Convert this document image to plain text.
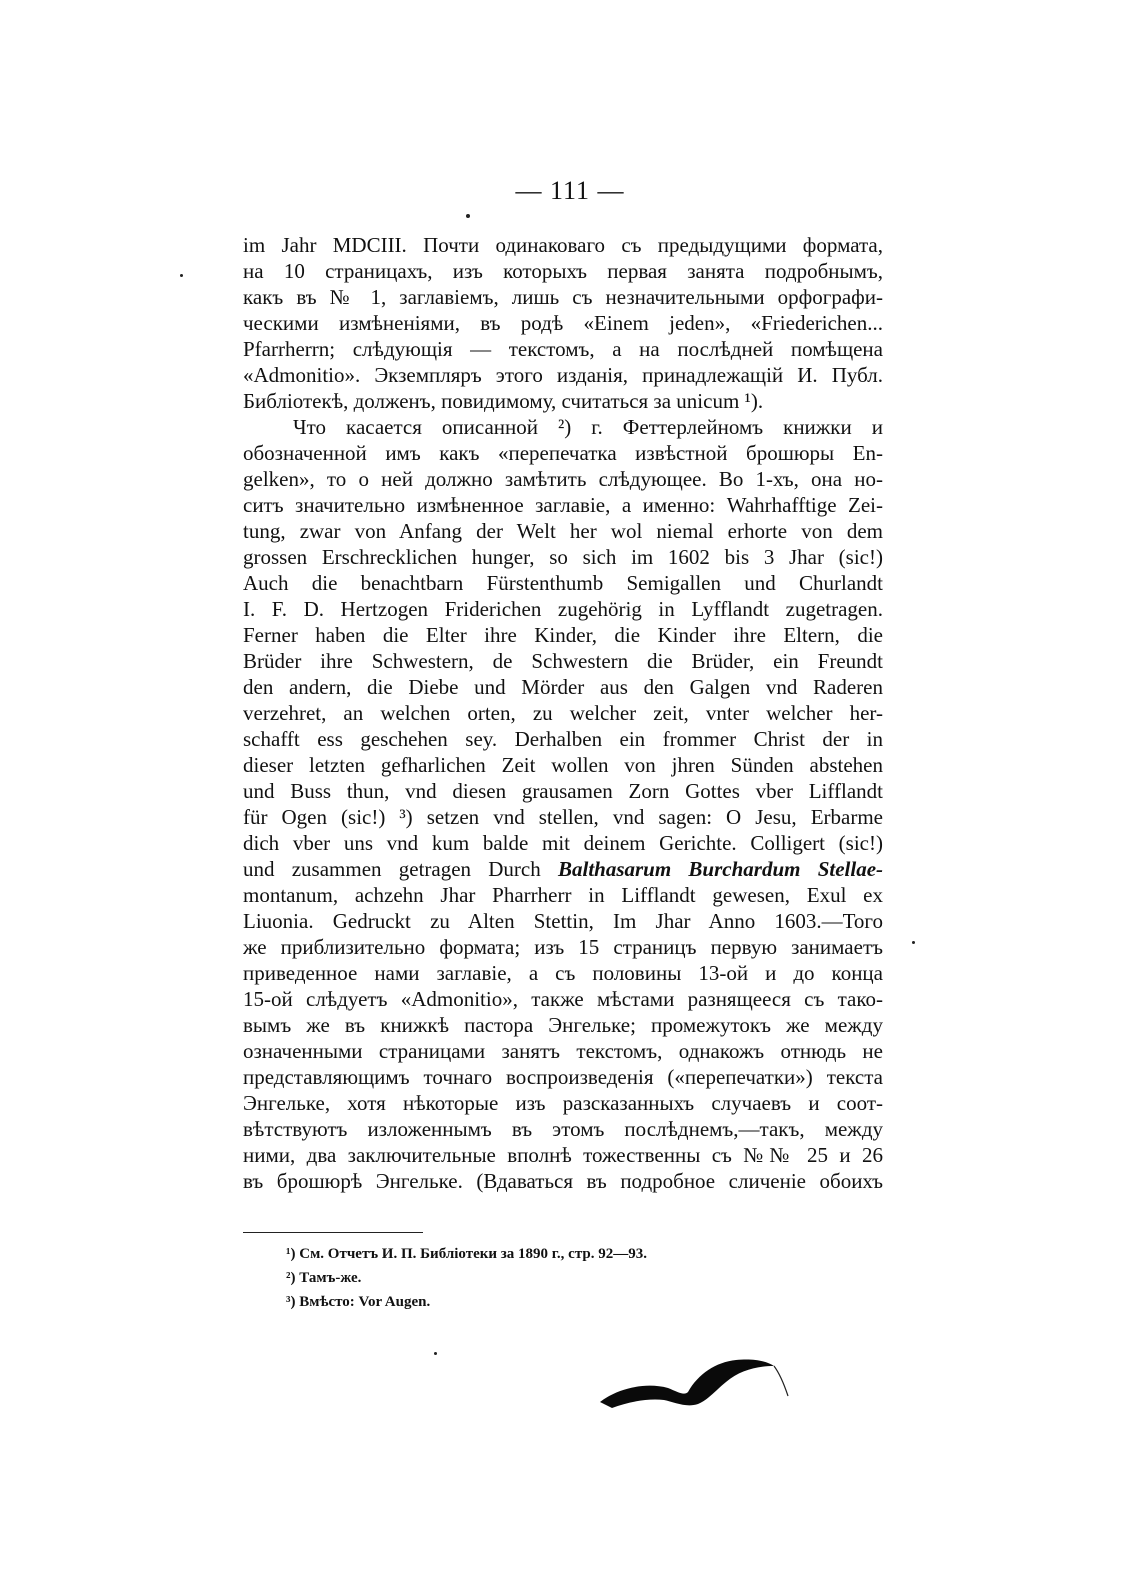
— 111 —
im Jahr MDCIII. Почти одинаковаго съ предыдущими формата,
на 10 страницахъ, изъ которыхъ первая занята подробнымъ,
какъ въ № 1, заглавіемъ, лишь съ незначительными орфографи-
ческими измѣненіями, въ родѣ «Einem jeden», «Friederichen...
Pfarrherrn; слѣдующія — текстомъ, а на послѣдней помѣщена
«Admonitio». Экземпляръ этого изданія, принадлежащій И. Публ.
Библіотекѣ, долженъ, повидимому, считаться за unicum ¹).
Что касается описанной ²) г. Феттерлейномъ книжки и
обозначенной имъ какъ «перепечатка извѣстной брошюры En-
gelken», то о ней должно замѣтить слѣдующее. Во 1-хъ, она но-
ситъ значительно измѣненное заглавіе, а именно: Wahrhafftige Zei-
tung, zwar von Anfang der Welt her wol niemal erhorte von dem
grossen Erschrecklichen hunger, so sich im 1602 bis 3 Jhar (sic!)
Auch die benachtbarn Fürstenthumb Semigallen und Churlandt
I. F. D. Hertzogen Friderichen zugehörig in Lyfflandt zugetragen.
Ferner haben die Elter ihre Kinder, die Kinder ihre Eltern, die
Brüder ihre Schwestern, de Schwestern die Brüder, ein Freundt
den andern, die Diebe und Mörder aus den Galgen vnd Raderen
verzehret, an welchen orten, zu welcher zeit, vnter welcher her-
schafft ess geschehen sey. Derhalben ein frommer Christ der in
dieser letzten gefharlichen Zeit wollen von jhren Sünden abstehen
und Buss thun, vnd diesen grausamen Zorn Gottes vber Lifflandt
für Ogen (sic!) ³) setzen vnd stellen, vnd sagen: O Jesu, Erbarme
dich vber uns vnd kum balde mit deinem Gerichte. Colligert (sic!)
und zusammen getragen Durch Balthasarum Burchardum Stellae-
montanum, achzehn Jhar Pharrherr in Lifflandt gewesen, Exul ex
Liuonia. Gedruckt zu Alten Stettin, Im Jhar Anno 1603.—Того
же приблизительно формата; изъ 15 страницъ первую занимаетъ
приведенное нами заглавіе, а съ половины 13-ой и до конца
15-ой слѣдуетъ «Admonitio», также мѣстами разнящееся съ тако-
вымъ же въ книжкѣ пастора Энгельке; промежутокъ же между
означенными страницами занятъ текстомъ, однакожъ отнюдь не
представляющимъ точнаго воспроизведенія («перепечатки») текста
Энгельке, хотя нѣкоторые изъ разсказанныхъ случаевъ и соот-
вѣтствуютъ изложеннымъ въ этомъ послѣднемъ,—такъ, между
ними, два заключительные вполнѣ тожественны съ №№ 25 и 26
въ брошюрѣ Энгельке. (Вдаваться въ подробное сличеніе обоихъ
¹) См. Отчетъ И. П. Библіотеки за 1890 г., стр. 92—93.
²) Тамъ-же.
³) Вмѣсто: Vor Augen.
